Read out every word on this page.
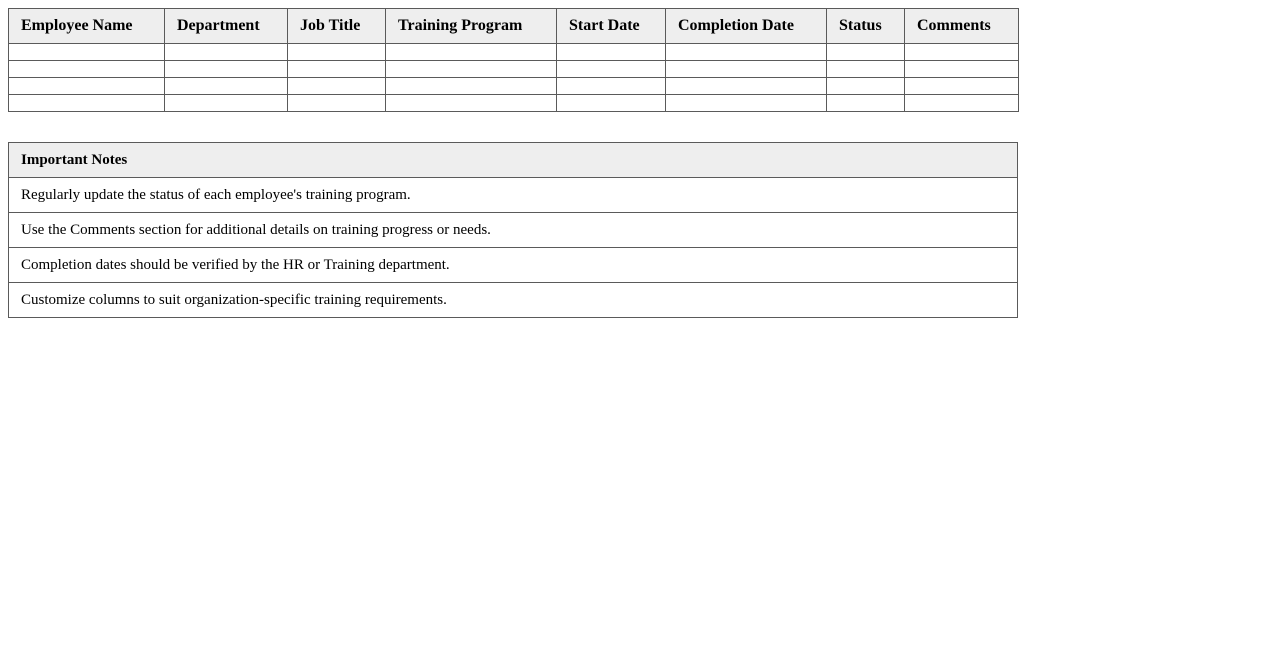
Employee Name	Department	Job Title	Training Program	Start Date	Completion Date	Status	Comments

Important Notes
Regularly update the status of each employee's training program.
Use the Comments section for additional details on training progress or needs.
Completion dates should be verified by the HR or Training department.
Customize columns to suit organization-specific training requirements.
